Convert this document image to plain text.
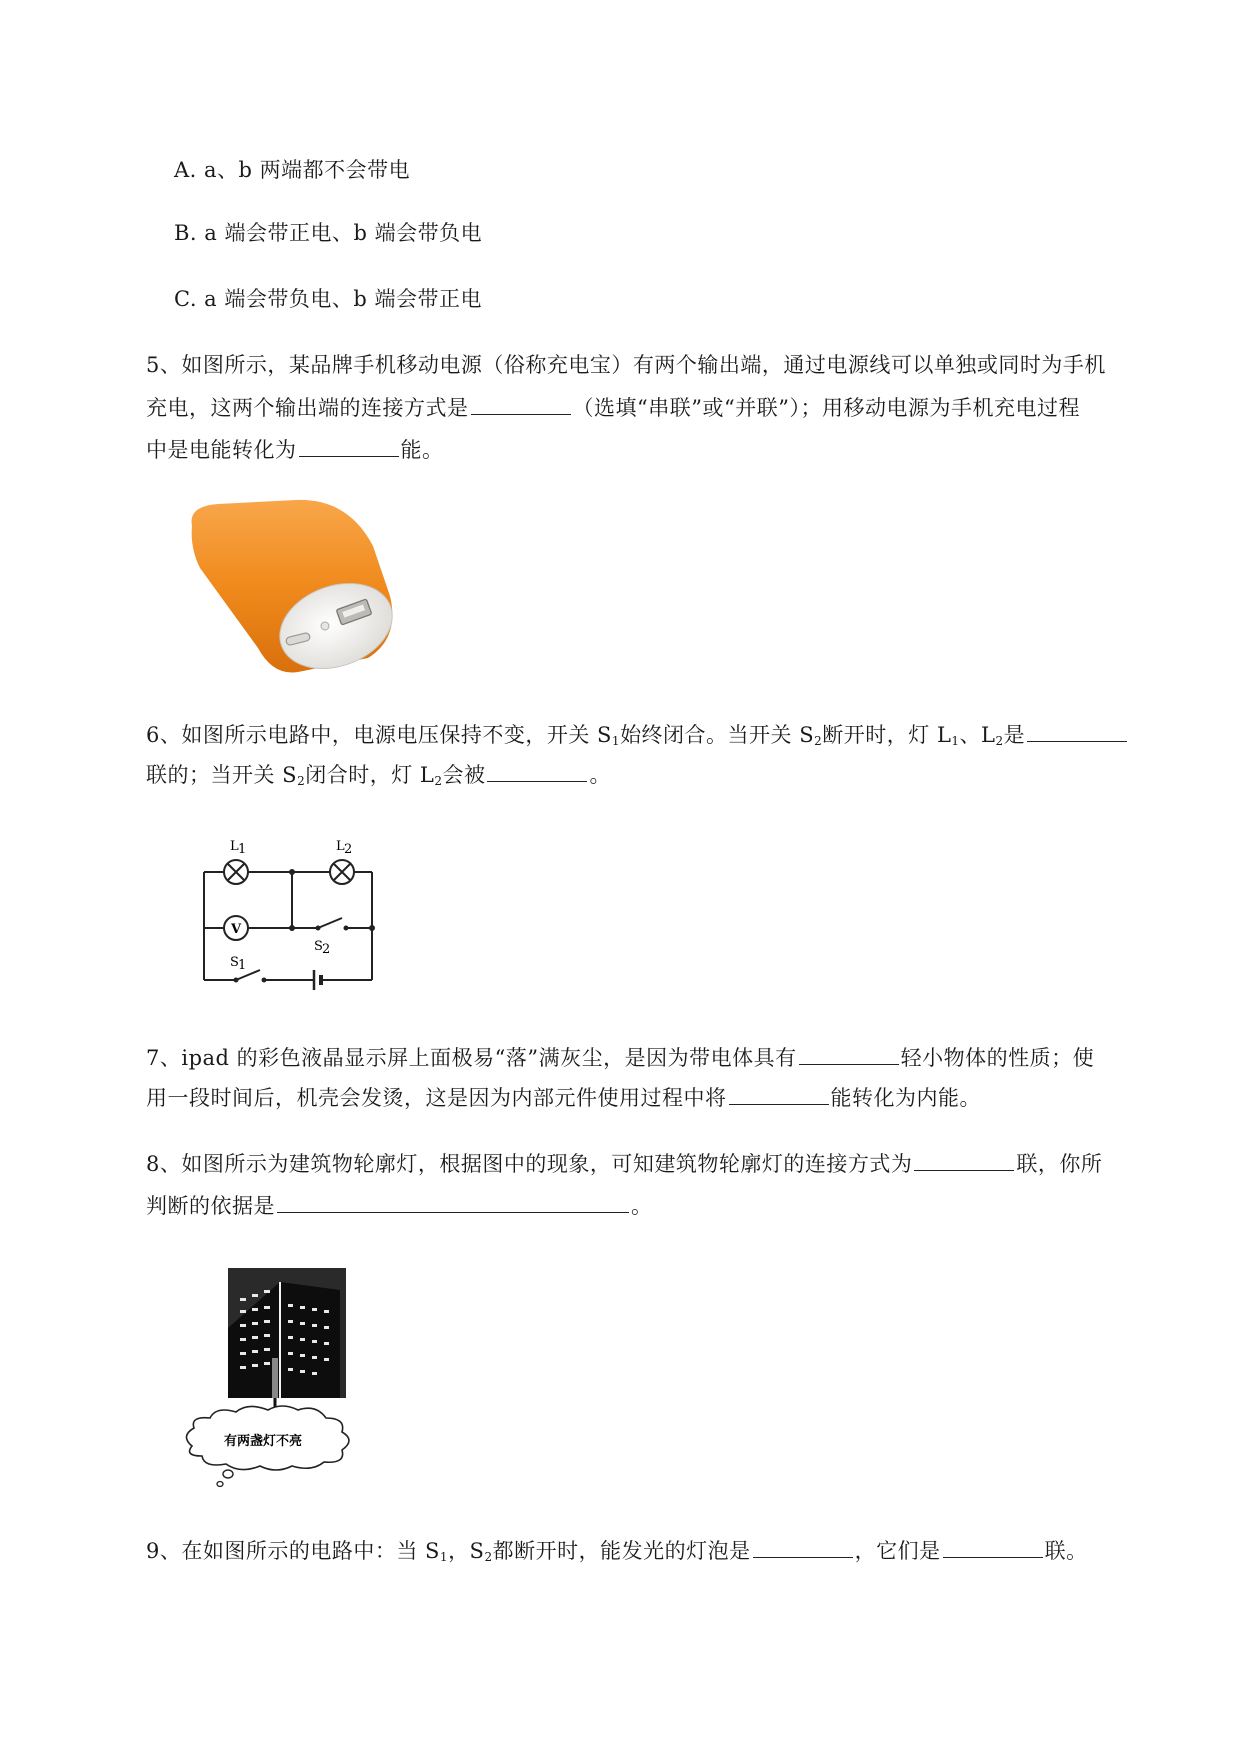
A. a、b 两端都不会带电
B. a 端会带正电、b 端会带负电
C. a 端会带负电、b 端会带正电
5、如图所示，某品牌手机移动电源（俗称充电宝）有两个输出端，通过电源线可以单独或同时为手机
充电，这两个输出端的连接方式是	（选填“串联”或“并联”）；用移动电源为手机充电过程
中是电能转化为	能。
6、如图所示电路中，电源电压保持不变，开关 $S_1$始终闭合。当开关 $S_2$断开时，灯 $L_1$、$L_2$是
联的；当开关 $S_2$闭合时，灯 $L_2$会被	。
V
L 1	L 2
S 2
S 1
7、ipad 的彩色液晶显示屏上面极易“落”满灰尘，是因为带电体具有	轻小物体的性质；使
用一段时间后，机壳会发烫，这是因为内部元件使用过程中将	能转化为内能。
8、如图所示为建筑物轮廓灯，根据图中的现象，可知建筑物轮廓灯的连接方式为	联，你所
判断的依据是	。
有两盏灯不亮
9、在如图所示的电路中：当 $S_1$，$S_2$都断开时，能发光的灯泡是	，它们是	联。
